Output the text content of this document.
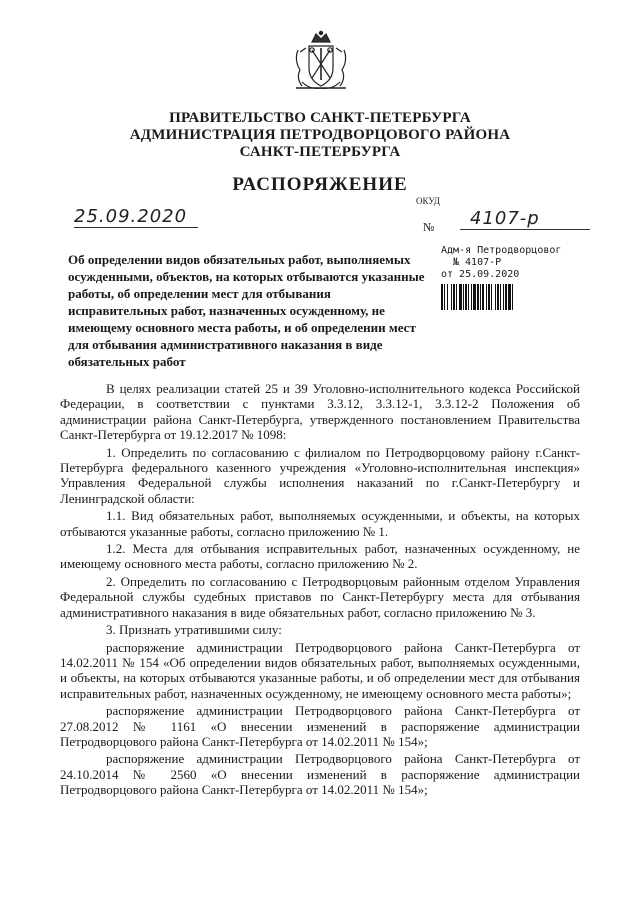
ПРАВИТЕЛЬСТВО САНКТ-ПЕТЕРБУРГА
АДМИНИСТРАЦИЯ ПЕТРОДВОРЦОВОГО РАЙОНА
САНКТ-ПЕТЕРБУРГА
РАСПОРЯЖЕНИЕ
ОКУД
25.09.2020	№	4107-р
Об определении видов обязательных работ, выполняемых осужденными, объектов, на которых отбываются указанные работы, об определении мест для отбывания исправительных работ, назначенных осужденному, не имеющему основного места работы, и об определении мест для отбывания административного наказания в виде обязательных работ
Адм-я Петродворцовог
№ 4107-Р
от 25.09.2020

В целях реализации статей 25 и 39 Уголовно-исполнительного кодекса Российской Федерации, в соответствии с пунктами 3.3.12, 3.3.12-1, 3.3.12-2 Положения об администрации района Санкт-Петербурга, утвержденного постановлением Правительства Санкт-Петербурга от 19.12.2017 № 1098:

1. Определить по согласованию с филиалом по Петродворцовому району г.Санкт-Петербурга федерального казенного учреждения «Уголовно-исполнительная инспекция» Управления Федеральной службы исполнения наказаний по г.Санкт-Петербургу и Ленинградской области:

1.1. Вид обязательных работ, выполняемых осужденными, и объекты, на которых отбываются указанные работы, согласно приложению № 1.

1.2. Места для отбывания исправительных работ, назначенных осужденному, не имеющему основного места работы, согласно приложению № 2.

2. Определить по согласованию с Петродворцовым районным отделом Управления Федеральной службы судебных приставов по Санкт-Петербургу места для отбывания административного наказания в виде обязательных работ, согласно приложению № 3.

3. Признать утратившими силу:

распоряжение администрации Петродворцового района Санкт-Петербурга от 14.02.2011 № 154 «Об определении видов обязательных работ, выполняемых осужденными, и объекты, на которых отбываются указанные работы, и об определении мест для отбывания исправительных работ, назначенных осужденному, не имеющему основного места работы»;

распоряжение администрации Петродворцового района Санкт-Петербурга от 27.08.2012 № 1161 «О внесении изменений в распоряжение администрации Петродворцового района Санкт-Петербурга от 14.02.2011 № 154»;

распоряжение администрации Петродворцового района Санкт-Петербурга от 24.10.2014 № 2560 «О внесении изменений в распоряжение администрации Петродворцового района Санкт-Петербурга от 14.02.2011 № 154»;
